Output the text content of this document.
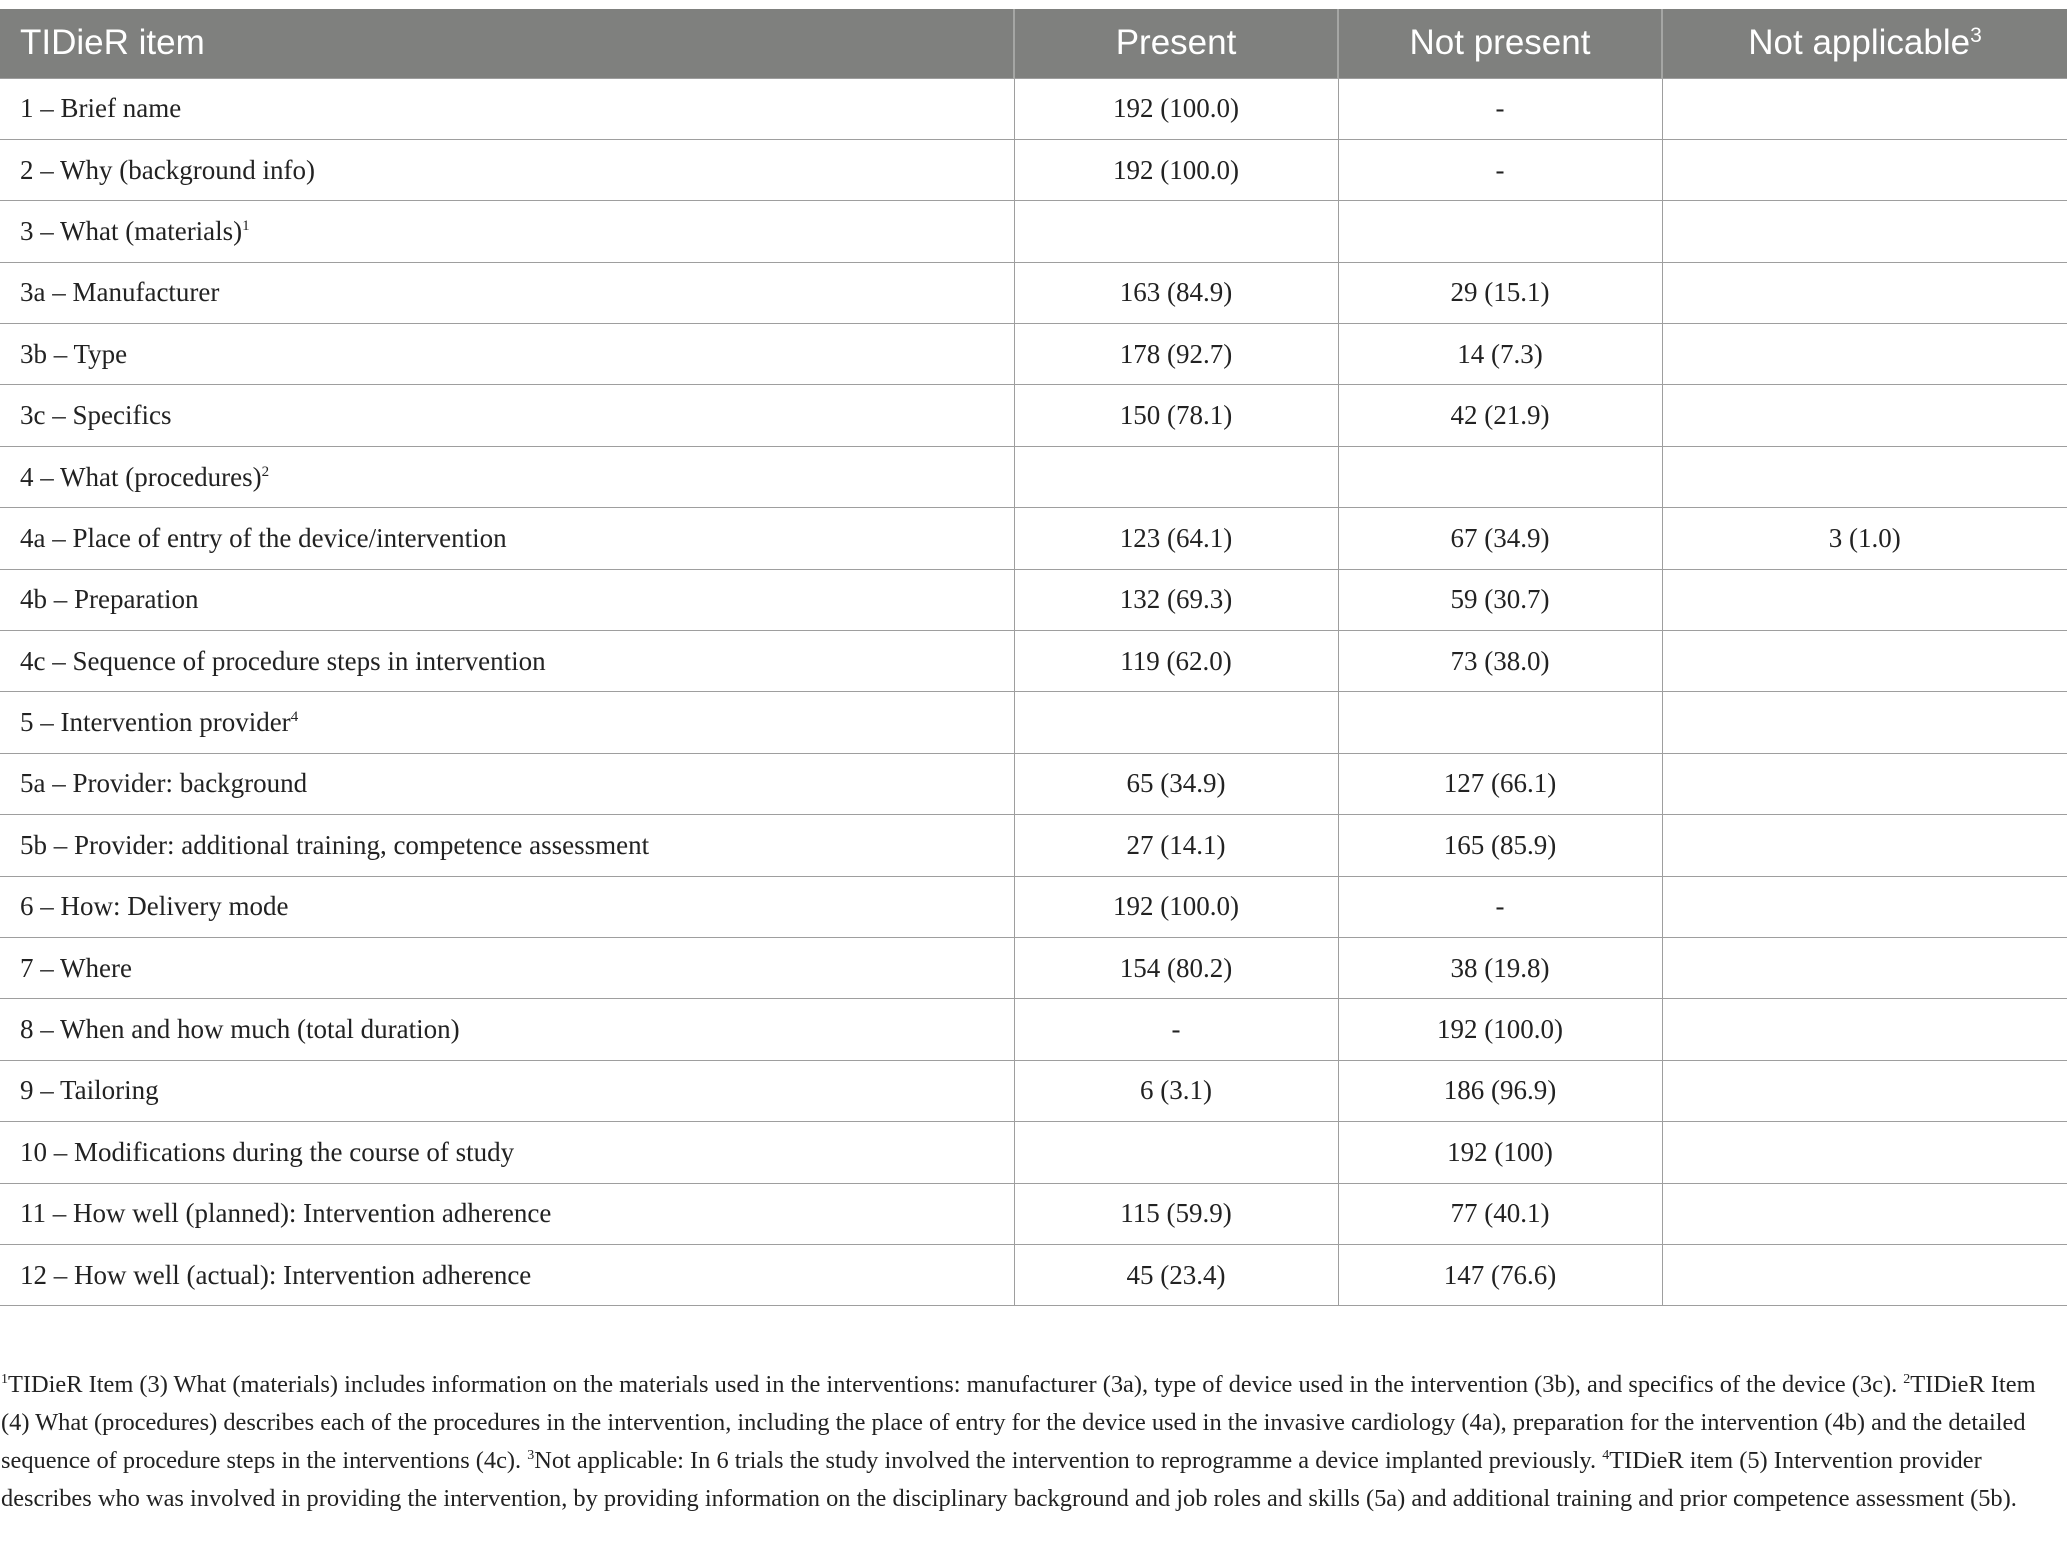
TIDieR item	Present	Not present	Not applicable$^3$
1 – Brief name	192 (100.0)	-	
2 – Why (background info)	192 (100.0)	-	
3 – What (materials)$^1$			
3a – Manufacturer	163 (84.9)	29 (15.1)	
3b – Type	178 (92.7)	14 (7.3)	
3c – Specifics	150 (78.1)	42 (21.9)	
4 – What (procedures)$^2$			
4a – Place of entry of the device/intervention	123 (64.1)	67 (34.9)	3 (1.0)
4b – Preparation	132 (69.3)	59 (30.7)	
4c – Sequence of procedure steps in intervention	119 (62.0)	73 (38.0)	
5 – Intervention provider$^4$			
5a – Provider: background	65 (34.9)	127 (66.1)	
5b – Provider: additional training, competence assessment	27 (14.1)	165 (85.9)	
6 – How: Delivery mode	192 (100.0)	-	
7 – Where	154 (80.2)	38 (19.8)	
8 – When and how much (total duration)	-	192 (100.0)	
9 – Tailoring	6 (3.1)	186 (96.9)	
10 – Modifications during the course of study		192 (100)	
11 – How well (planned): Intervention adherence	115 (59.9)	77 (40.1)	
12 – How well (actual): Intervention adherence	45 (23.4)	147 (76.6)	
$^1$TIDieR Item (3) What (materials) includes information on the materials used in the interventions: manufacturer (3a), type of device used in the intervention (3b), and specifics of the device (3c). $^2$TIDieR Item (4) What (procedures) describes each of the procedures in the intervention, including the place of entry for the device used in the invasive cardiology (4a), preparation for the intervention (4b) and the detailed sequence of procedure steps in the interventions (4c). $^3$Not applicable: In 6 trials the study involved the intervention to reprogramme a device implanted previously. $^4$TIDieR item (5) Intervention provider describes who was involved in providing the intervention, by providing information on the disciplinary background and job roles and skills (5a) and additional training and prior competence assessment (5b).
